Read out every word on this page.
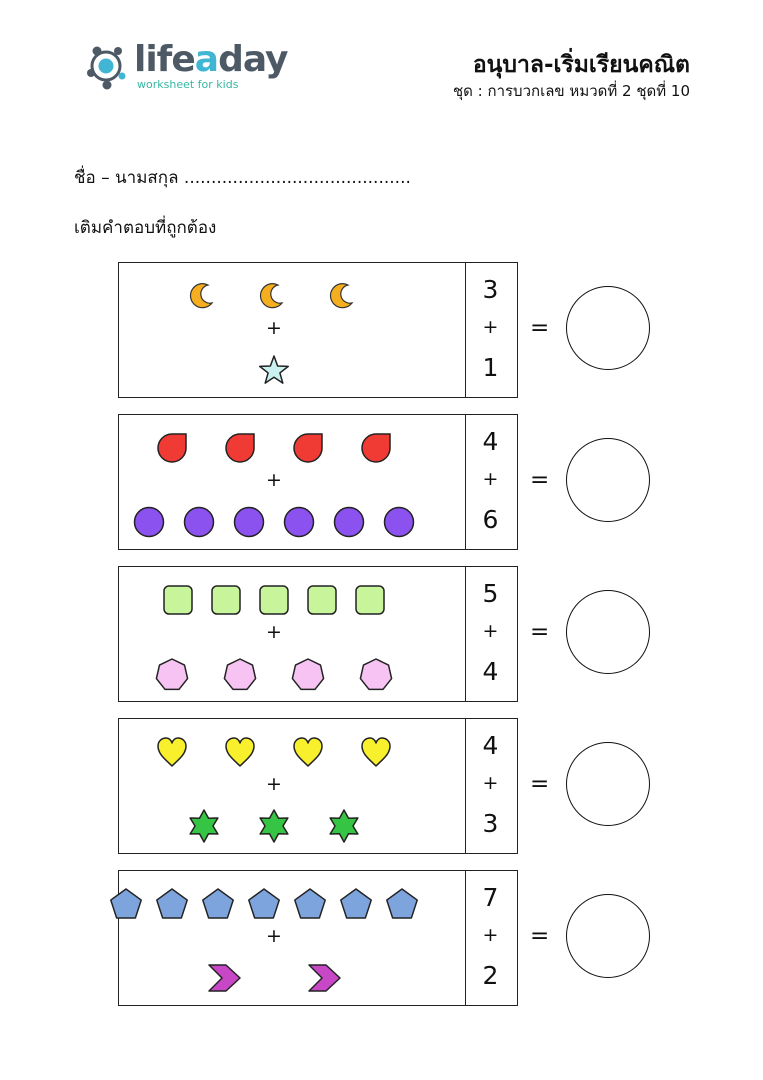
lifeaday
worksheet for kids
อนุบาล-เริ่มเรียนคณิต
ชุด : การบวกเลข หมวดที่ 2 ชุดที่ 10
ชื่อ – นามสกุล ..........................................
เติมคำตอบที่ถูกต้อง
+
3
+
1
=
+
4
+
6
=
+
5
+
4
=
+
4
+
3
=
+
7
+
2
=
